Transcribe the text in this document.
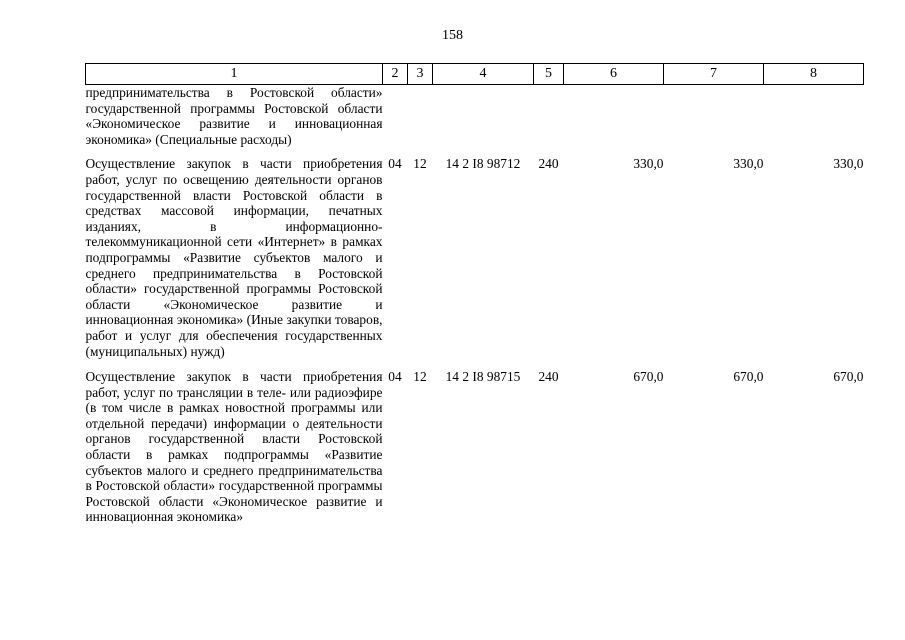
158
1	2	3	4	5	6	7	8
предпринимательства в Ростовской области» государственной программы Ростовской области «Экономическое развитие и инновационная экономика» (Специальные расходы)							
Осуществление закупок в части приобретения работ, услуг по освещению деятельности органов государственной власти Ростовской области в средствах массовой информации, печатных изданиях, в информационно-телекоммуникационной сети «Интернет» в рамках подпрограммы «Развитие субъектов малого и среднего предпринимательства в Ростовской области» государственной программы Ростовской области «Экономическое развитие и инновационная экономика» (Иные закупки товаров, работ и услуг для обеспечения государственных (муниципальных) нужд)	04	12	14 2 I8 98712	240	330,0	330,0	330,0
Осуществление закупок в части приобретения работ, услуг по трансляции в теле- или радиоэфире (в том числе в рамках новостной программы или отдельной передачи) информации о деятельности органов государственной власти Ростовской области в рамках подпрограммы «Развитие субъектов малого и среднего предпринимательства в Ростовской области» государственной программы Ростовской области «Экономическое развитие и инновационная экономика»	04	12	14 2 I8 98715	240	670,0	670,0	670,0
